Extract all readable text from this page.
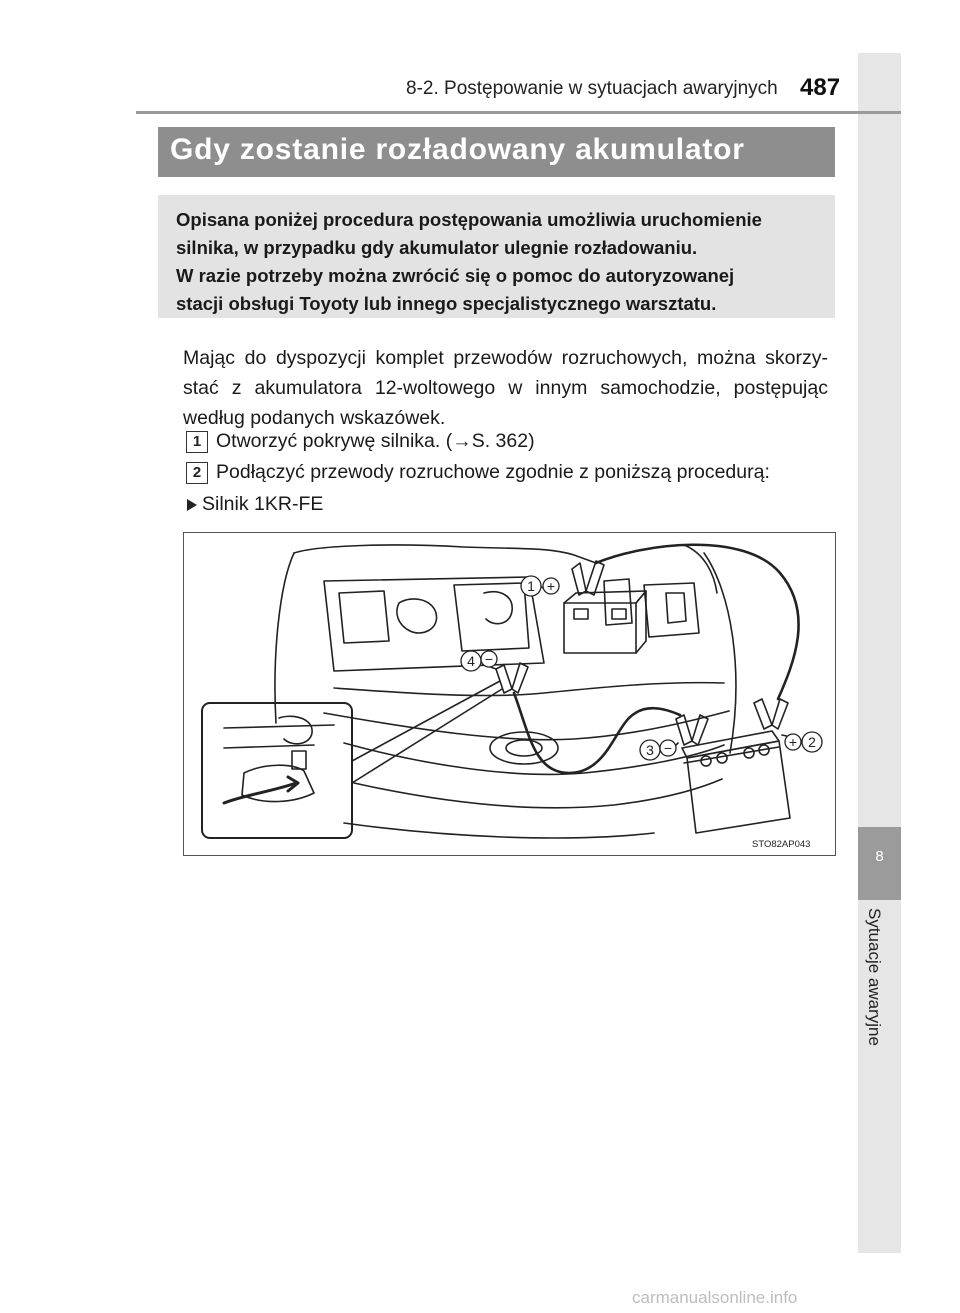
8
Sytuacje awaryjne
8-2. Postępowanie w sytuacjach awaryjnych 487
Gdy zostanie rozładowany akumulator
Opisana poniżej procedura postępowania umożliwia uruchomienie
silnika, w przypadku gdy akumulator ulegnie rozładowaniu.
W razie potrzeby można zwrócić się o pomoc do autoryzowanej
stacji obsługi Toyoty lub innego specjalistycznego warsztatu.
Mając do dyspozycji komplet przewodów rozruchowych, można skorzy-stać z akumulatora 12-woltowego w innym samochodzie, postępując według podanych wskazówek.
1 Otworzyć pokrywę silnika. (→S. 362)
2 Podłączyć przewody rozruchowe zgodnie z poniższą procedurą:
Silnik 1KR-FE
1 +
2
+
3 −
4 −
STO82AP043
carmanualsonline.info
